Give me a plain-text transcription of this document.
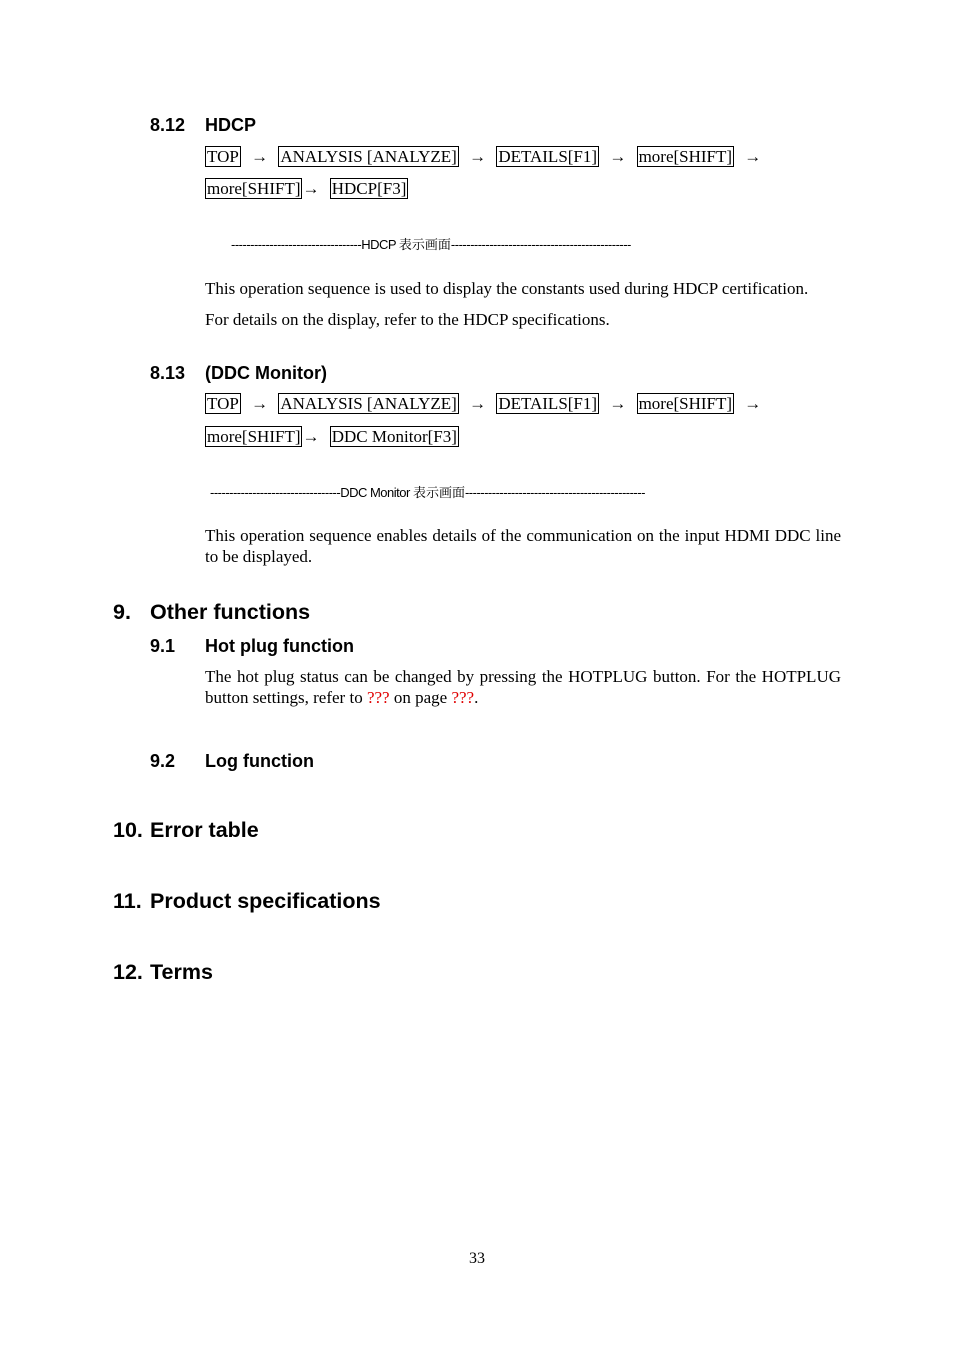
8.12 HDCP
TOP → ANALYSIS [ANALYZE] → DETAILS[F1] → more[SHIFT] →
more[SHIFT] → HDCP[F3]
----------------------------------HDCP 表示画面-----------------------------------------------
This operation sequence is used to display the constants used during HDCP certification.
For details on the display, refer to the HDCP specifications.
8.13 (DDC Monitor)
TOP → ANALYSIS [ANALYZE] → DETAILS[F1] → more[SHIFT] →
more[SHIFT] → DDC Monitor[F3]
----------------------------------DDC Monitor 表示画面-----------------------------------------------
This operation sequence enables details of the communication on the input HDMI DDC line to be displayed.
9. Other functions
9.1 Hot plug function
The hot plug status can be changed by pressing the HOTPLUG button. For the HOTPLUG button settings, refer to ??? on page ???.
9.2 Log function
10. Error table
11. Product specifications
12. Terms
33
